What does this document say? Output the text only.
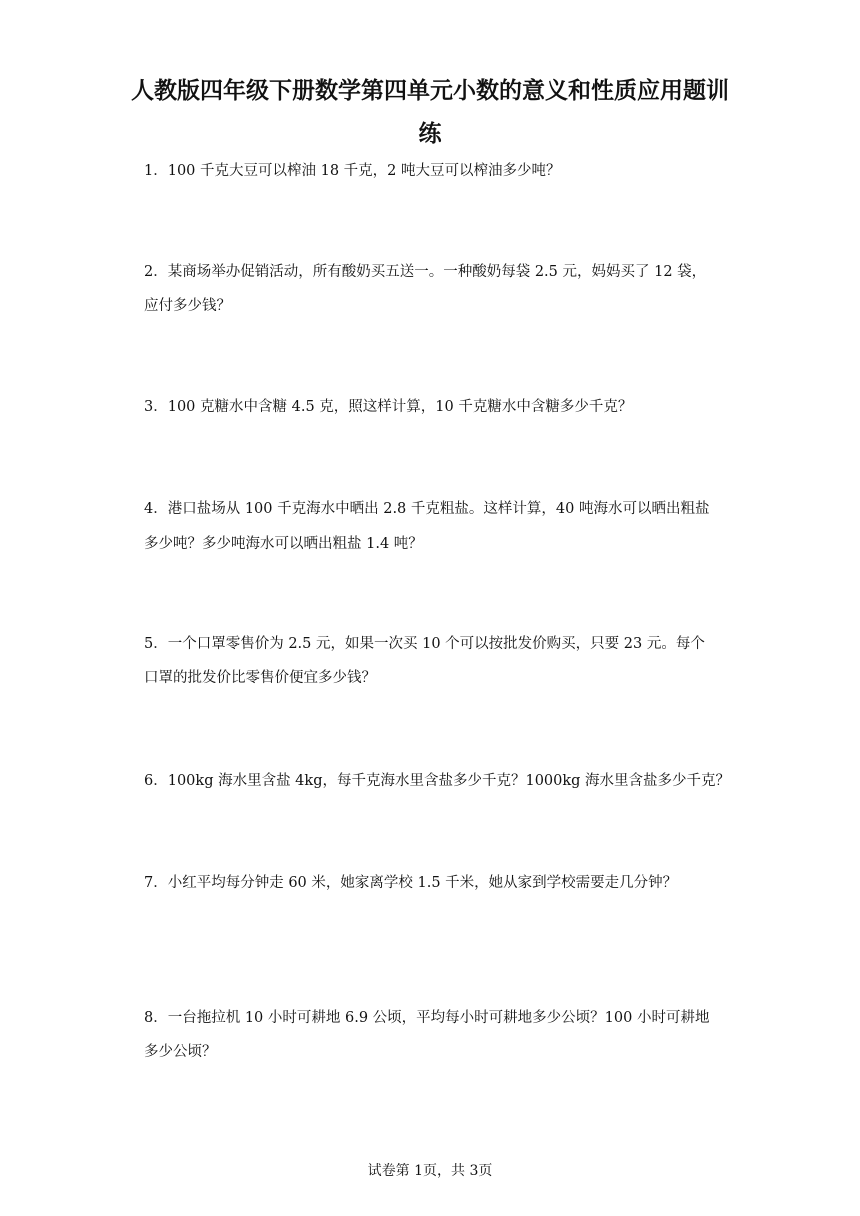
人教版四年级下册数学第四单元小数的意义和性质应用题训
练
1．100 千克大豆可以榨油 18 千克，2 吨大豆可以榨油多少吨？
2．某商场举办促销活动，所有酸奶买五送一。一种酸奶每袋 2.5 元，妈妈买了 12 袋，
应付多少钱？
3．100 克糖水中含糖 4.5 克，照这样计算，10 千克糖水中含糖多少千克？
4．港口盐场从 100 千克海水中晒出 2.8 千克粗盐。这样计算，40 吨海水可以晒出粗盐
多少吨？多少吨海水可以晒出粗盐 1.4 吨？
5．一个口罩零售价为 2.5 元，如果一次买 10 个可以按批发价购买，只要 23 元。每个
口罩的批发价比零售价便宜多少钱？
6．100kg 海水里含盐 4kg，每千克海水里含盐多少千克？1000kg 海水里含盐多少千克？
7．小红平均每分钟走 60 米，她家离学校 1.5 千米，她从家到学校需要走几分钟？
8．一台拖拉机 10 小时可耕地 6.9 公顷，平均每小时可耕地多少公顷？100 小时可耕地
多少公顷？
试卷第 1页，共 3页
